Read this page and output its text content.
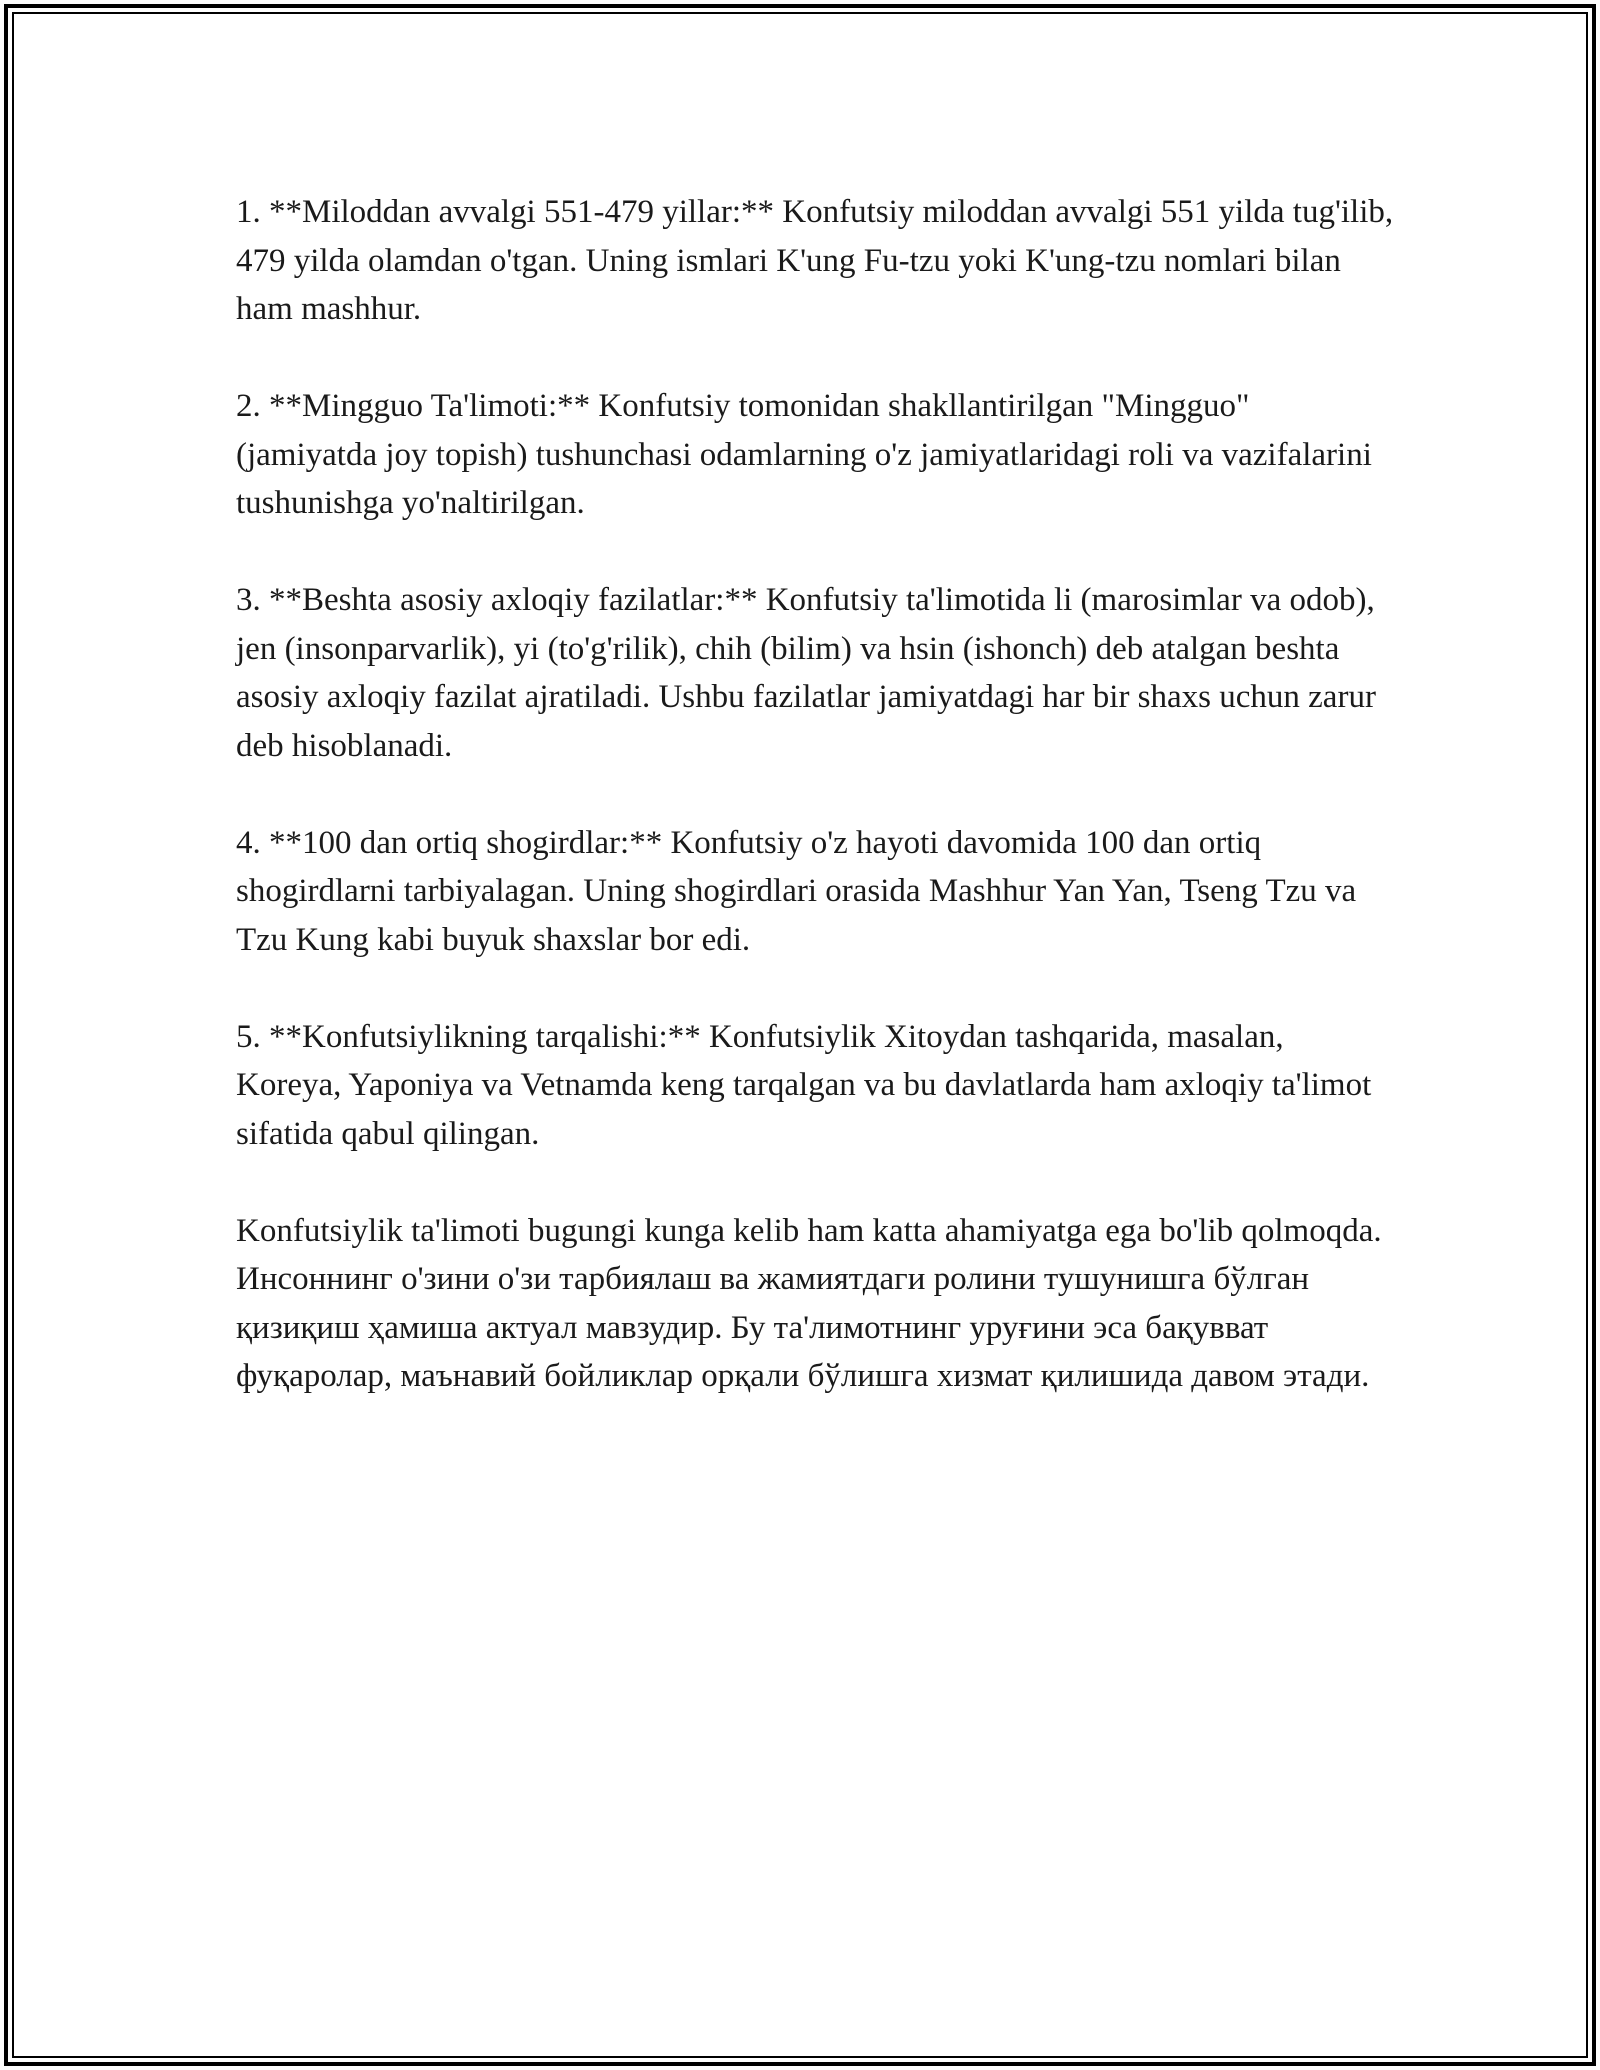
1. **Miloddan avvalgi 551-479 yillar:** Konfutsiy miloddan avvalgi 551 yilda tug'ilib, 479 yilda olamdan o'tgan. Uning ismlari K'ung Fu-tzu yoki K'ung-tzu nomlari bilan ham mashhur.

2. **Mingguo Ta'limoti:** Konfutsiy tomonidan shakllantirilgan "Mingguo" (jamiyatda joy topish) tushunchasi odamlarning o'z jamiyatlaridagi roli va vazifalarini tushunishga yo'naltirilgan.

3. **Beshta asosiy axloqiy fazilatlar:** Konfutsiy ta'limotida li (marosimlar va odob), jen (insonparvarlik), yi (to'g'rilik), chih (bilim) va hsin (ishonch) deb atalgan beshta asosiy axloqiy fazilat ajratiladi. Ushbu fazilatlar jamiyatdagi har bir shaxs uchun zarur deb hisoblanadi.

4. **100 dan ortiq shogirdlar:** Konfutsiy o'z hayoti davomida 100 dan ortiq shogirdlarni tarbiyalagan. Uning shogirdlari orasida Mashhur Yan Yan, Tseng Tzu va Tzu Kung kabi buyuk shaxslar bor edi.

5. **Konfutsiylikning tarqalishi:** Konfutsiylik Xitoydan tashqarida, masalan, Koreya, Yaponiya va Vetnamda keng tarqalgan va bu davlatlarda ham axloqiy ta'limot sifatida qabul qilingan.

Konfutsiylik ta'limoti bugungi kunga kelib ham katta ahamiyatga ega bo'lib qolmoqda. Инсоннинг o'зини o'зи тарбиялаш ва жамиятдаги ролини тушунишга бўлган қизиқиш ҳамиша актуал мавзудир. Бу та'лимотнинг уруғини эса бақувват фуқаролар, маънавий бойликлар орқали бўлишга хизмат қилишида давом этади.
